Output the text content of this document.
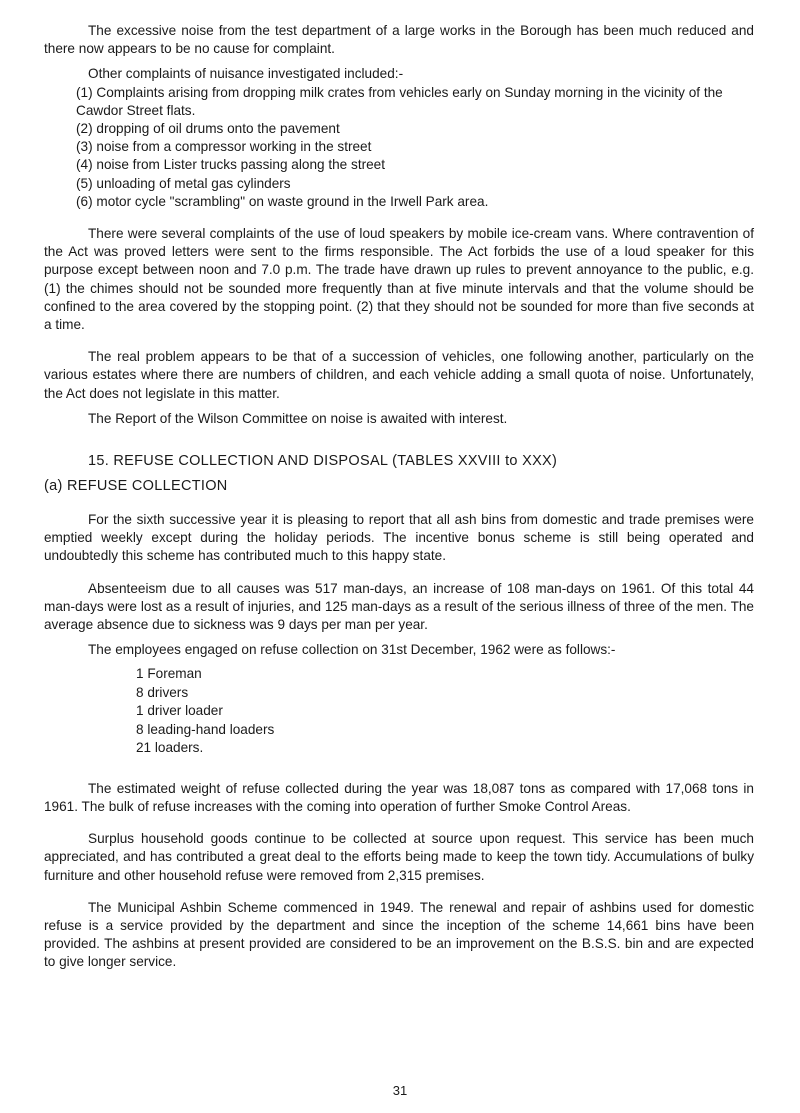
The excessive noise from the test department of a large works in the Borough has been much reduced and there now appears to be no cause for complaint.

Other complaints of nuisance investigated included:-

(1) Complaints arising from dropping milk crates from vehicles early on Sunday morning in the vicinity of the Cawdor Street flats.
(2) dropping of oil drums onto the pavement
(3) noise from a compressor working in the street
(4) noise from Lister trucks passing along the street
(5) unloading of metal gas cylinders
(6) motor cycle "scrambling" on waste ground in the Irwell Park area.

There were several complaints of the use of loud speakers by mobile ice-cream vans. Where contravention of the Act was proved letters were sent to the firms responsible. The Act forbids the use of a loud speaker for this purpose except between noon and 7.0 p.m. The trade have drawn up rules to prevent annoyance to the public, e.g. (1) the chimes should not be sounded more frequently than at five minute intervals and that the volume should be confined to the area covered by the stopping point. (2) that they should not be sounded for more than five seconds at a time.

The real problem appears to be that of a succession of vehicles, one following another, particularly on the various estates where there are numbers of children, and each vehicle adding a small quota of noise. Unfortunately, the Act does not legislate in this matter.

The Report of the Wilson Committee on noise is awaited with interest.

15. REFUSE COLLECTION AND DISPOSAL (TABLES XXVIII to XXX)
(a) REFUSE COLLECTION

For the sixth successive year it is pleasing to report that all ash bins from domestic and trade premises were emptied weekly except during the holiday periods. The incentive bonus scheme is still being operated and undoubtedly this scheme has contributed much to this happy state.

Absenteeism due to all causes was 517 man-days, an increase of 108 man-days on 1961. Of this total 44 man-days were lost as a result of injuries, and 125 man-days as a result of the serious illness of three of the men. The average absence due to sickness was 9 days per man per year.

The employees engaged on refuse collection on 31st December, 1962 were as follows:-

1 Foreman
8 drivers
1 driver loader
8 leading-hand loaders
21 loaders.

The estimated weight of refuse collected during the year was 18,087 tons as compared with 17,068 tons in 1961. The bulk of refuse increases with the coming into operation of further Smoke Control Areas.

Surplus household goods continue to be collected at source upon request. This service has been much appreciated, and has contributed a great deal to the efforts being made to keep the town tidy. Accumulations of bulky furniture and other household refuse were removed from 2,315 premises.

The Municipal Ashbin Scheme commenced in 1949. The renewal and repair of ashbins used for domestic refuse is a service provided by the department and since the inception of the scheme 14,661 bins have been provided. The ashbins at present provided are considered to be an improvement on the B.S.S. bin and are expected to give longer service.

31
